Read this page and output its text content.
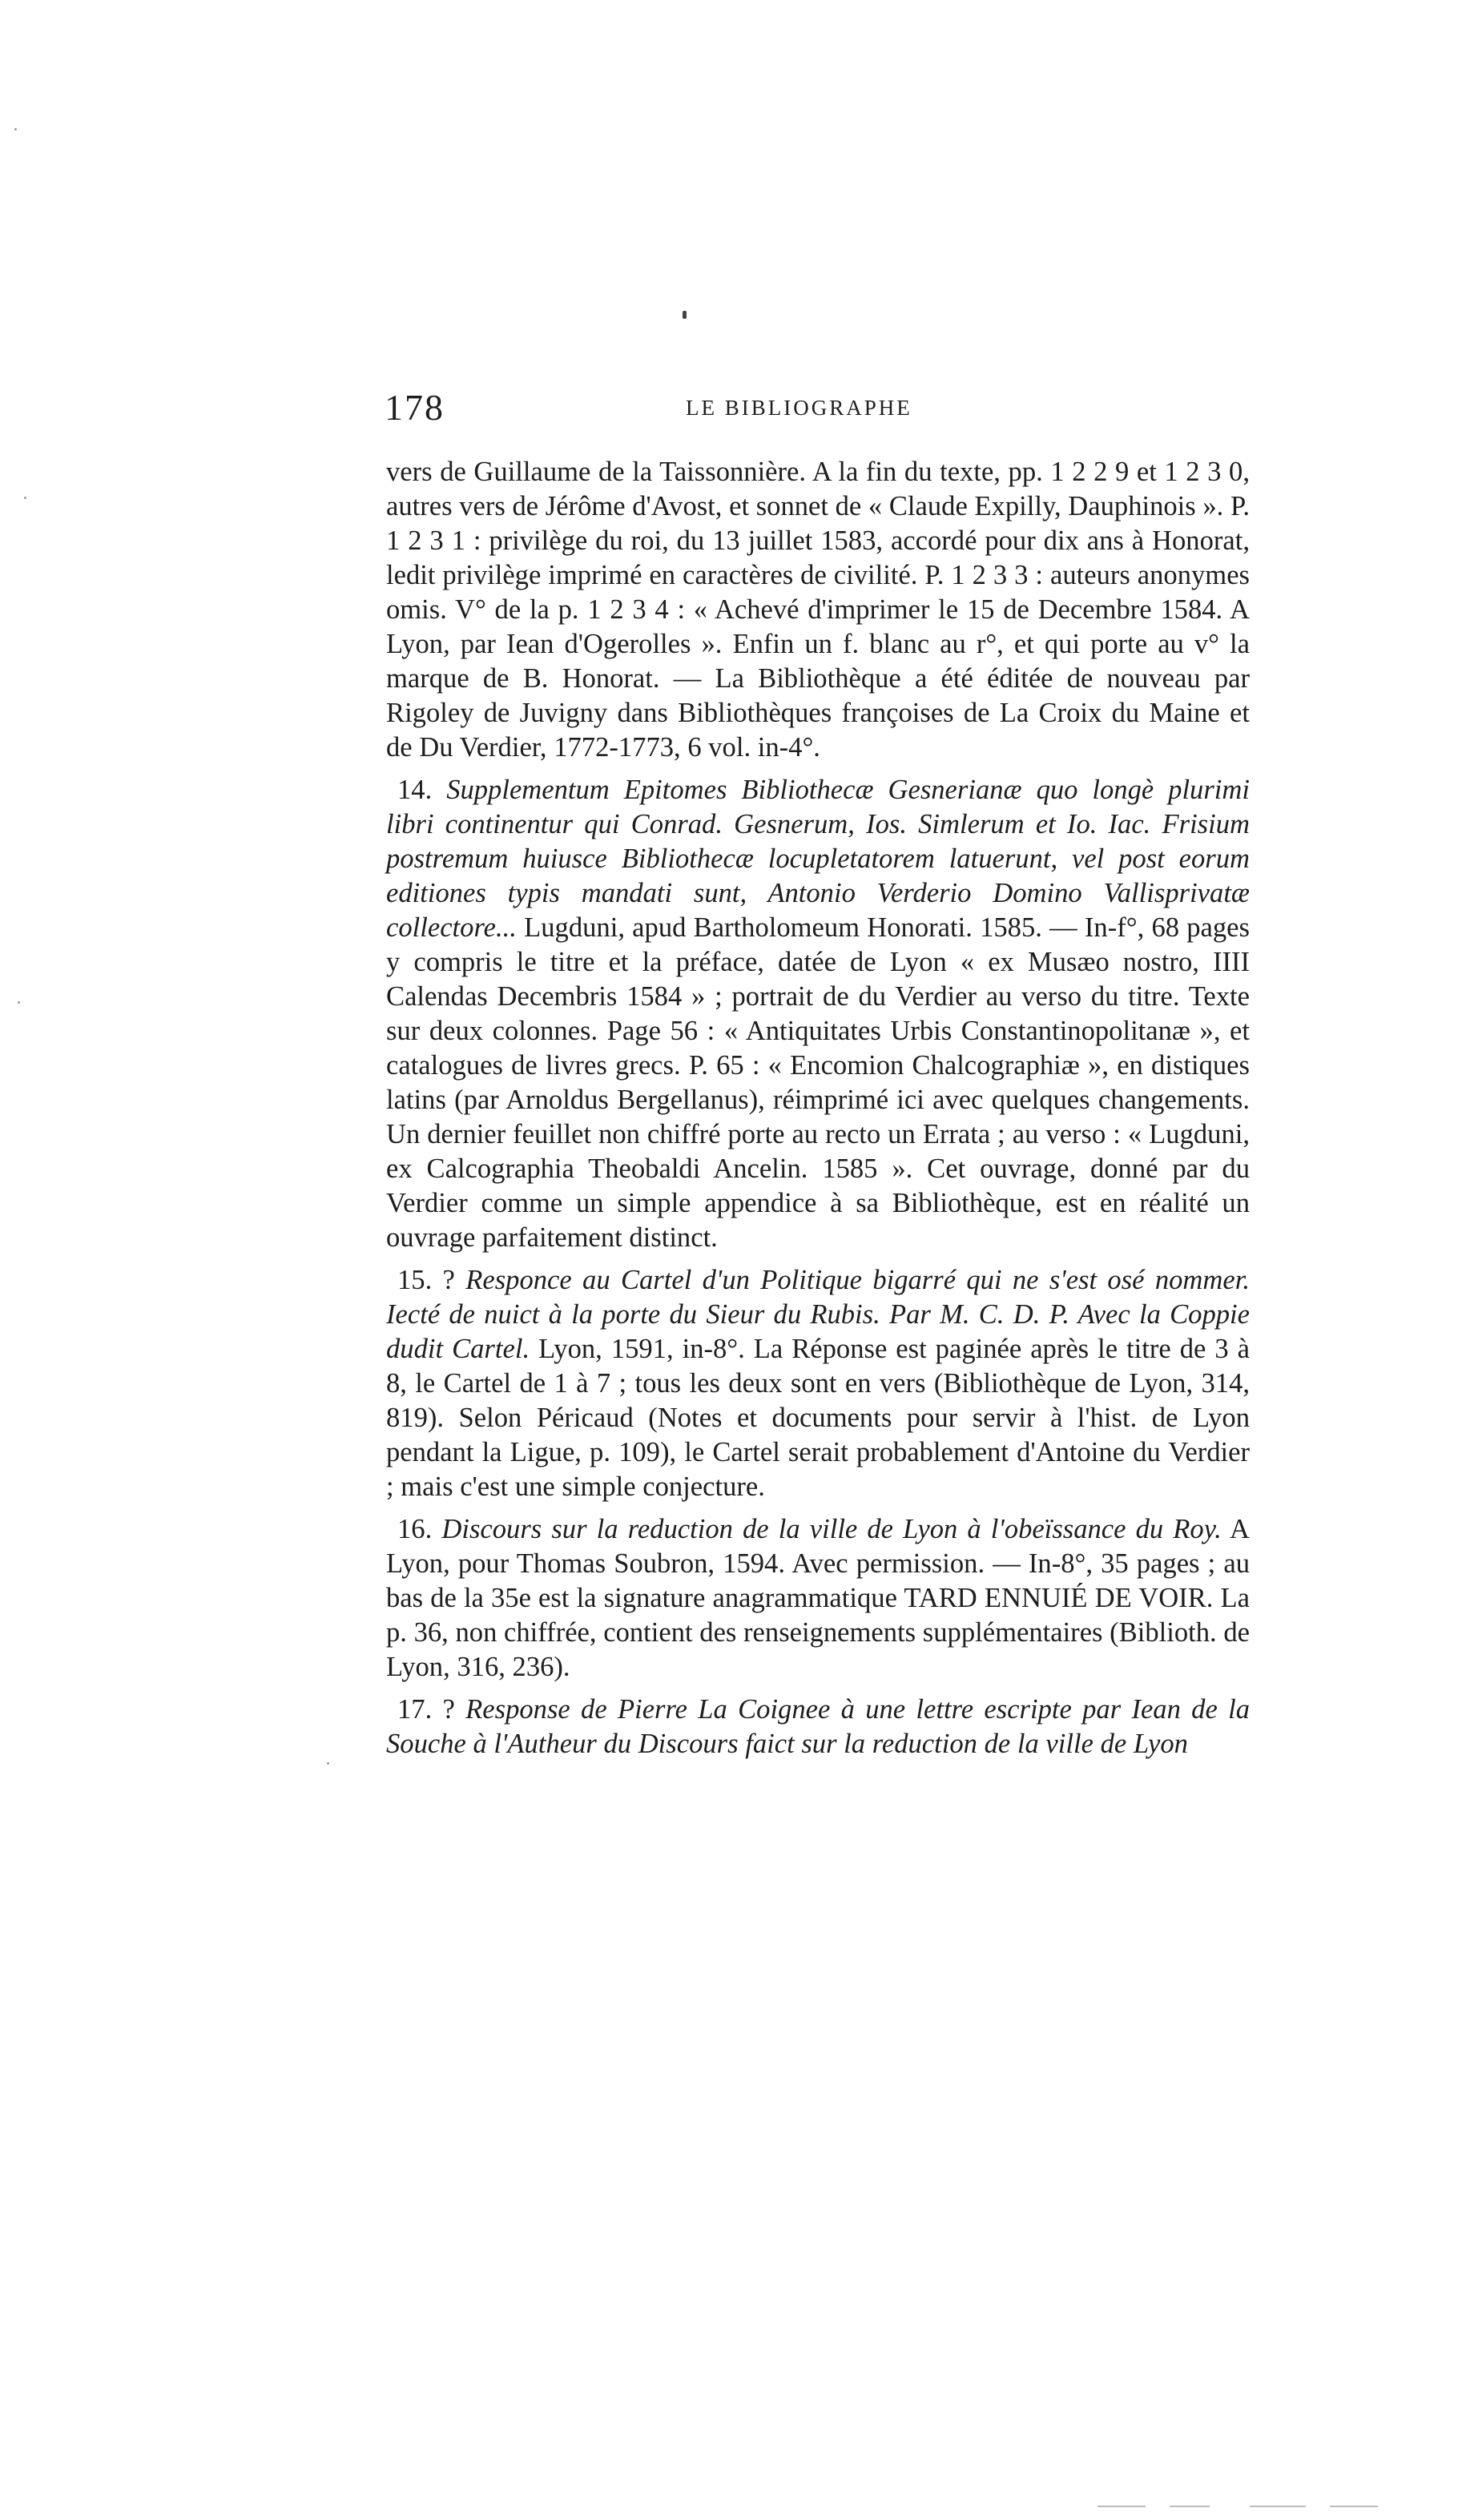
178	LE BIBLIOGRAPHE

vers de Guillaume de la Taissonnière. A la fin du texte, pp. 1 2 2 9 et 1 2 3 0, autres vers de Jérôme d'Avost, et sonnet de « Claude Expilly, Dauphinois ». P. 1 2 3 1 : privilège du roi, du 13 juillet 1583, accordé pour dix ans à Honorat, ledit privilège imprimé en caractères de civilité. P. 1 2 3 3 : auteurs anonymes omis. V° de la p. 1 2 3 4 : « Achevé d'imprimer le 15 de Decembre 1584. A Lyon, par Iean d'Ogerolles ». Enfin un f. blanc au r°, et qui porte au v° la marque de B. Honorat. — La Bibliothèque a été éditée de nouveau par Rigoley de Juvigny dans Bibliothèques françoises de La Croix du Maine et de Du Verdier, 1772-1773, 6 vol. in-4°.

14. Supplementum Epitomes Bibliothecæ Gesnerianæ quo longè plurimi libri continentur qui Conrad. Gesnerum, Ios. Simlerum et Io. Iac. Frisium postremum huiusce Bibliothecæ locupletatorem latuerunt, vel post eorum editiones typis mandati sunt, Antonio Verderio Domino Vallisprivatæ collectore... Lugduni, apud Bartholomeum Honorati. 1585. — In-f°, 68 pages y compris le titre et la préface, datée de Lyon « ex Musæo nostro, IIII Calendas Decembris 1584 » ; portrait de du Verdier au verso du titre. Texte sur deux colonnes. Page 56 : « Antiquitates Urbis Constantinopolitanæ », et catalogues de livres grecs. P. 65 : « Encomion Chalcographiæ », en distiques latins (par Arnoldus Bergellanus), réimprimé ici avec quelques changements. Un dernier feuillet non chiffré porte au recto un Errata ; au verso : « Lugduni, ex Calcographia Theobaldi Ancelin. 1585 ». Cet ouvrage, donné par du Verdier comme un simple appendice à sa Bibliothèque, est en réalité un ouvrage parfaitement distinct.

15. ? Responce au Cartel d'un Politique bigarré qui ne s'est osé nommer. Iecté de nuict à la porte du Sieur du Rubis. Par M. C. D. P. Avec la Coppie dudit Cartel. Lyon, 1591, in-8°. La Réponse est paginée après le titre de 3 à 8, le Cartel de 1 à 7 ; tous les deux sont en vers (Bibliothèque de Lyon, 314, 819). Selon Péricaud (Notes et documents pour servir à l'hist. de Lyon pendant la Ligue, p. 109), le Cartel serait probablement d'Antoine du Verdier ; mais c'est une simple conjecture.

16. Discours sur la reduction de la ville de Lyon à l'obeïssance du Roy. A Lyon, pour Thomas Soubron, 1594. Avec permission. — In-8°, 35 pages ; au bas de la 35e est la signature anagrammatique TARD ENNUIÉ DE VOIR. La p. 36, non chiffrée, contient des renseignements supplémentaires (Biblioth. de Lyon, 316, 236).

17. ? Response de Pierre La Coignee à une lettre escripte par Iean de la Souche à l'Autheur du Discours faict sur la reduction de la ville de Lyon
